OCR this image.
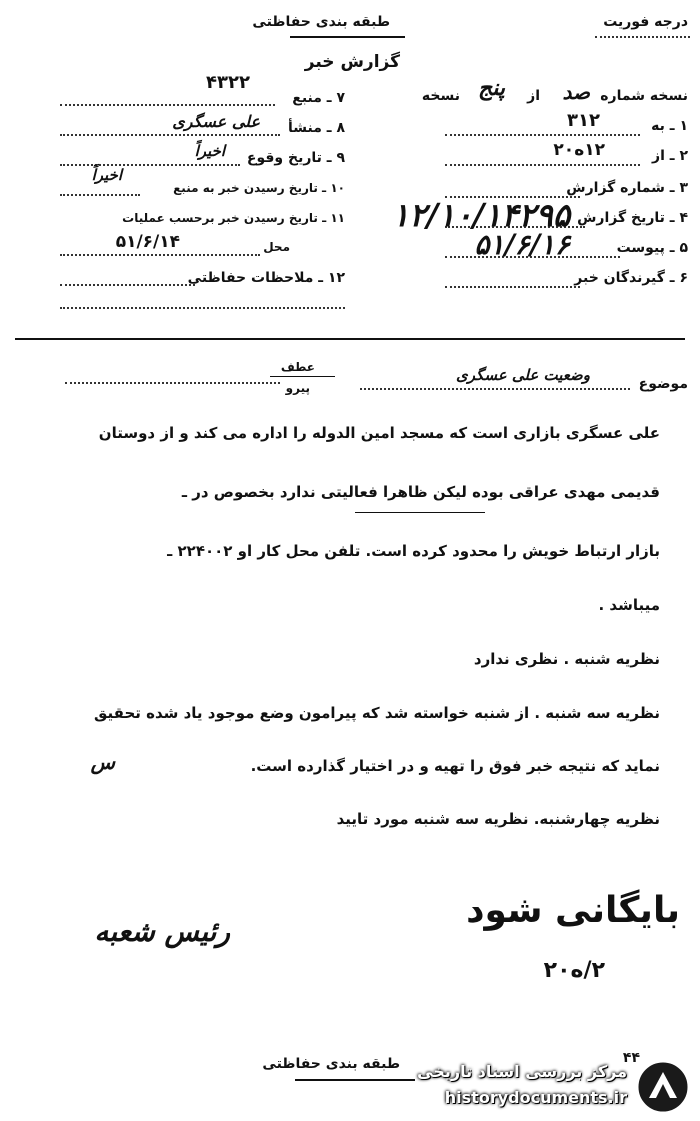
درجه فوریت
طبقه بندی حفاظتی
گزارش خبر
نسخه شماره
صد
از
پنج
نسخه
۱ ـ به
۳۱۲
۲ ـ از
۱۲ه۲۰
۳ ـ شماره گزارش
۴ ـ تاریخ گزارش
۱۲/۱۰/۱۴۲۹۵
۵ ـ پیوست
۵۱/۶/۱۶
۶ ـ گیرندگان خبر
۷ ـ منبع
۴۳۲۲
۸ ـ منشأ
علی عسگری
۹ ـ تاریخ وقوع
اخیراً
۱۰ ـ تاریخ رسیدن خبر به منبع
اخیراً
۱۱ ـ تاریخ رسیدن خبر برحسب عملیات
محل
۵۱/۶/۱۴
۱۲ ـ ملاحظات حفاظتی
موضوع
وضعیت علی عسگری
عطف
پیرو
علی عسگری بازاری است که مسجد امین الدوله را اداره می کند و از دوستان
قدیمی مهدی عراقی بوده لیکن ظاهرا فعالیتی ندارد بخصوص در ـ
بازار ارتباط خویش را محدود کرده است. تلفن محل کار او ۲۲۴۰۰۲ ـ
میباشد .
نظریه شنبه . نظری ندارد
نظریه سه شنبه . از شنبه خواسته شد که پیرامون وضع موجود یاد شده تحقیق
نماید که نتیجه خبر فوق را تهیه و در اختیار گذارده است.
س
نظریه چهارشنبه. نظریه سه شنبه مورد تایید
رئیس شعبه
بایگانی شود
۲/ه۲۰
طبقه بندی حفاظتی	۴۴
مرکز بررسی اسناد تاریخی
historydocuments.ir
